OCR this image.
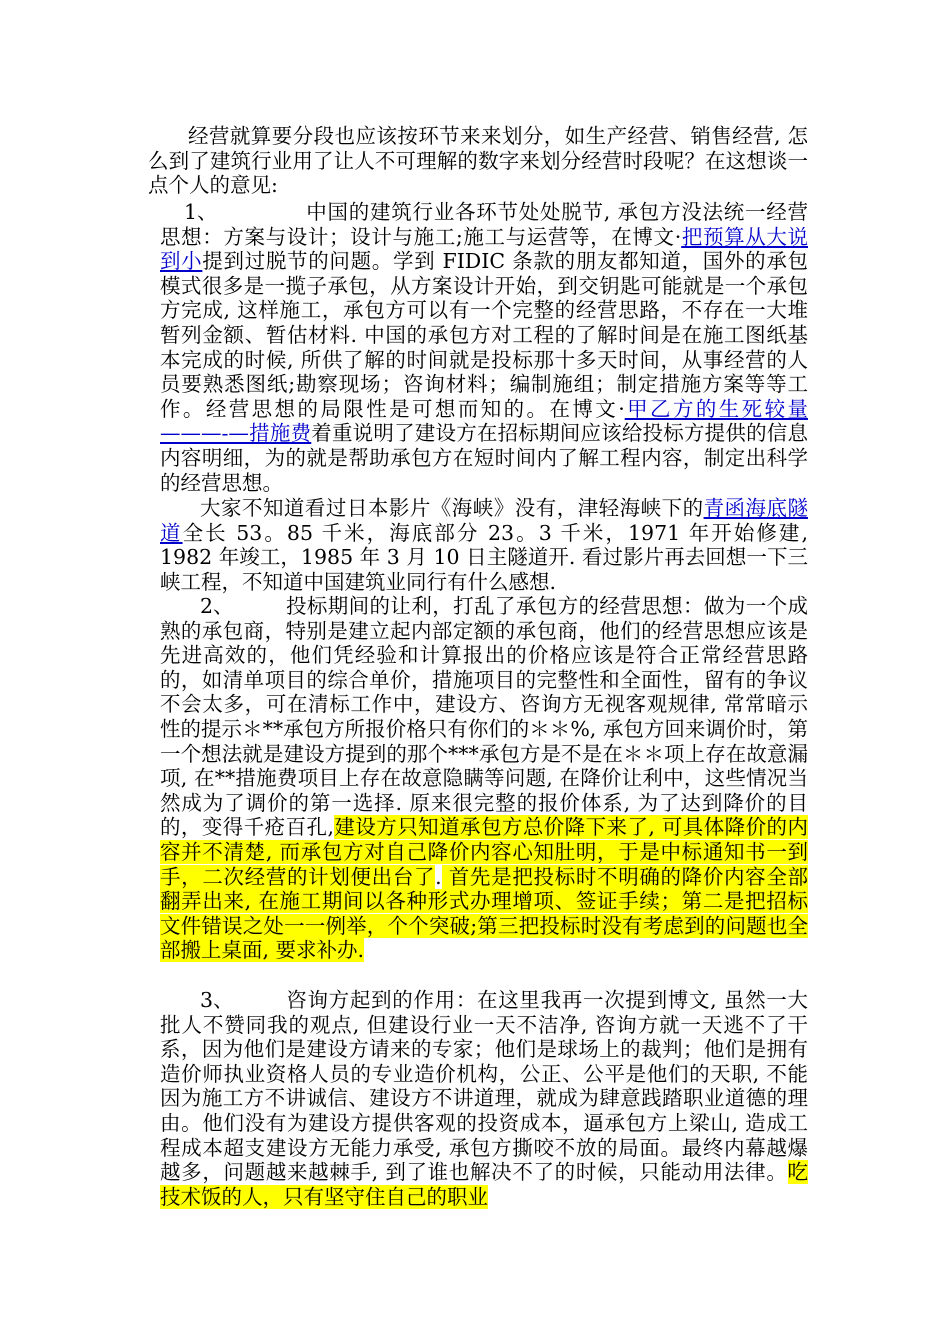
经营就算要分段也应该按环节来来划分，如生产经营、销售经营, 怎么到了建筑行业用了让人不可理解的数字来划分经营时段呢？在这想谈一点个人的意见:

1、	中国的建筑行业各环节处处脱节, 承包方没法统一经营思想：方案与设计；设计与施工;施工与运营等，在博文·把预算从大说到小提到过脱节的问题。学到 FIDIC 条款的朋友都知道，国外的承包模式很多是一揽子承包，从方案设计开始，到交钥匙可能就是一个承包方完成, 这样施工，承包方可以有一个完整的经营思路，不存在一大堆暂列金额、暂估材料. 中国的承包方对工程的了解时间是在施工图纸基本完成的时候, 所供了解的时间就是投标那十多天时间，从事经营的人员要熟悉图纸;勘察现场；咨询材料；编制施组；制定措施方案等等工作。经营思想的局限性是可想而知的。在博文·甲乙方的生死较量———-—措施费着重说明了建设方在招标期间应该给投标方提供的信息内容明细，为的就是帮助承包方在短时间内了解工程内容，制定出科学的经营思想。

大家不知道看过日本影片《海峡》没有，津轻海峡下的青函海底隧道全长 53。85 千米，海底部分 23。3 千米，1971 年开始修建, 1982 年竣工，1985 年 3 月 10 日主隧道开. 看过影片再去回想一下三峡工程，不知道中国建筑业同行有什么感想.

2、	投标期间的让利，打乱了承包方的经营思想：做为一个成熟的承包商，特别是建立起内部定额的承包商，他们的经营思想应该是先进高效的，他们凭经验和计算报出的价格应该是符合正常经营思路的，如清单项目的综合单价，措施项目的完整性和全面性，留有的争议不会太多，可在清标工作中，建设方、咨询方无视客观规律, 常常暗示性的提示＊**承包方所报价格只有你们的＊＊%, 承包方回来调价时，第一个想法就是建设方提到的那个***承包方是不是在＊＊项上存在故意漏项, 在**措施费项目上存在故意隐瞒等问题, 在降价让利中，这些情况当然成为了调价的第一选择. 原来很完整的报价体系, 为了达到降价的目的，变得千疮百孔,建设方只知道承包方总价降下来了, 可具体降价的内容并不清楚, 而承包方对自己降价内容心知肚明，于是中标通知书一到手，二次经营的计划便出台了. 首先是把投标时不明确的降价内容全部翻弄出来, 在施工期间以各种形式办理增项、签证手续；第二是把招标文件错误之处一一例举，个个突破;第三把投标时没有考虑到的问题也全部搬上桌面, 要求补办.

3、	咨询方起到的作用：在这里我再一次提到博文, 虽然一大批人不赞同我的观点, 但建设行业一天不洁净, 咨询方就一天逃不了干系，因为他们是建设方请来的专家；他们是球场上的裁判；他们是拥有造价师执业资格人员的专业造价机构，公正、公平是他们的天职, 不能因为施工方不讲诚信、建设方不讲道理，就成为肆意践踏职业道德的理由。他们没有为建设方提供客观的投资成本，逼承包方上梁山, 造成工程成本超支建设方无能力承受, 承包方撕咬不放的局面。最终内幕越爆越多，问题越来越棘手, 到了谁也解决不了的时候，只能动用法律。吃技术饭的人，只有坚守住自己的职业
